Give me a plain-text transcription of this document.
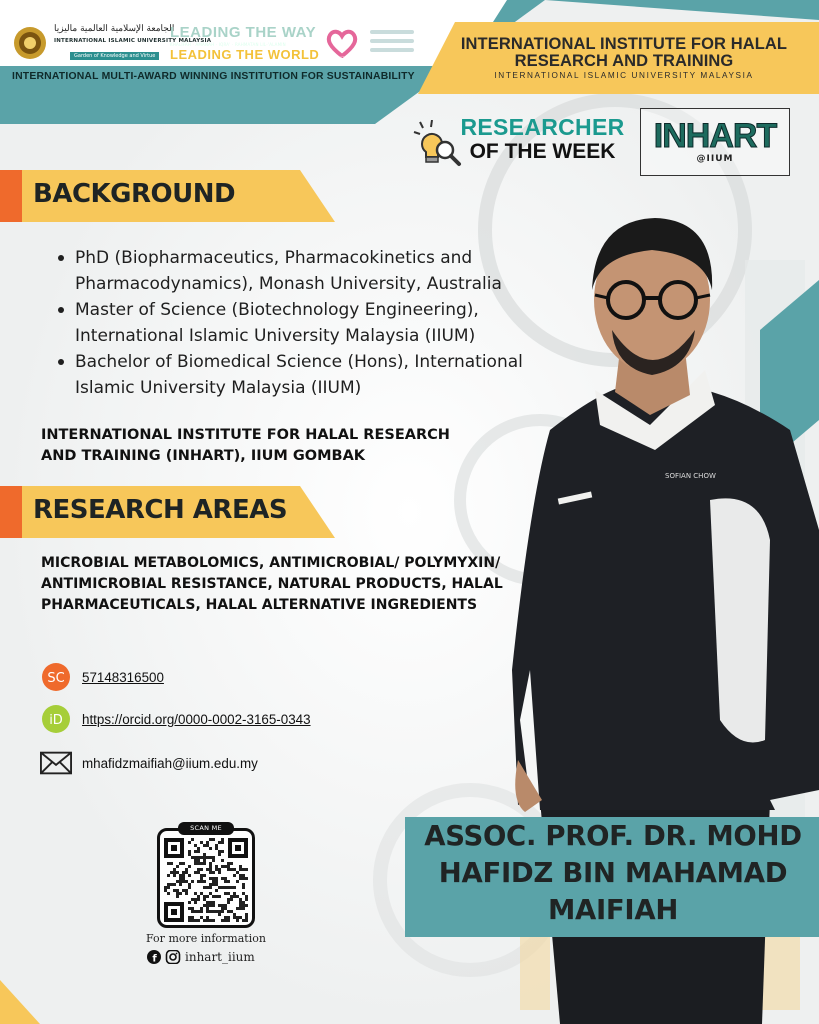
الجامعة الإسلامية العالمية ماليزيا
INTERNATIONAL ISLAMIC UNIVERSITY MALAYSIA
Garden of Knowledge and Virtue
LEADING THE WAY
KHALIFAH · AMANAH · IQRA' · RAHMATAN LIL-'ALAMIN
LEADING THE WORLD
2
Sejahtera Academic
INTERNATIONAL MULTI-AWARD WINNING INSTITUTION FOR SUSTAINABILITY
INTERNATIONAL INSTITUTE FOR HALAL RESEARCH AND TRAINING
INTERNATIONAL ISLAMIC UNIVERSITY MALAYSIA
RESEARCHER
OF THE WEEK	INHART
@IIUM
BACKGROUND
PhD (Biopharmaceutics, Pharmacokinetics and Pharmacodynamics), Monash University, Australia
Master of Science (Biotechnology Engineering), International Islamic University Malaysia (IIUM)
Bachelor of Biomedical Science (Hons), International Islamic University Malaysia (IIUM)
INTERNATIONAL INSTITUTE FOR HALAL RESEARCH AND TRAINING (INHART), IIUM GOMBAK
RESEARCH AREAS
MICROBIAL METABOLOMICS, ANTIMICROBIAL/ POLYMYXIN/ ANTIMICROBIAL RESISTANCE, NATURAL PRODUCTS, HALAL PHARMACEUTICALS, HALAL ALTERNATIVE INGREDIENTS
SC 57148316500
iD https://orcid.org/0000-0002-3165-0343
mhafidzmaifiah@iium.edu.my
SCAN ME
For more information
f inhart_iium
SOFIAN CHOW
ASSOC. PROF. DR. MOHD HAFIDZ BIN MAHAMAD MAIFIAH
